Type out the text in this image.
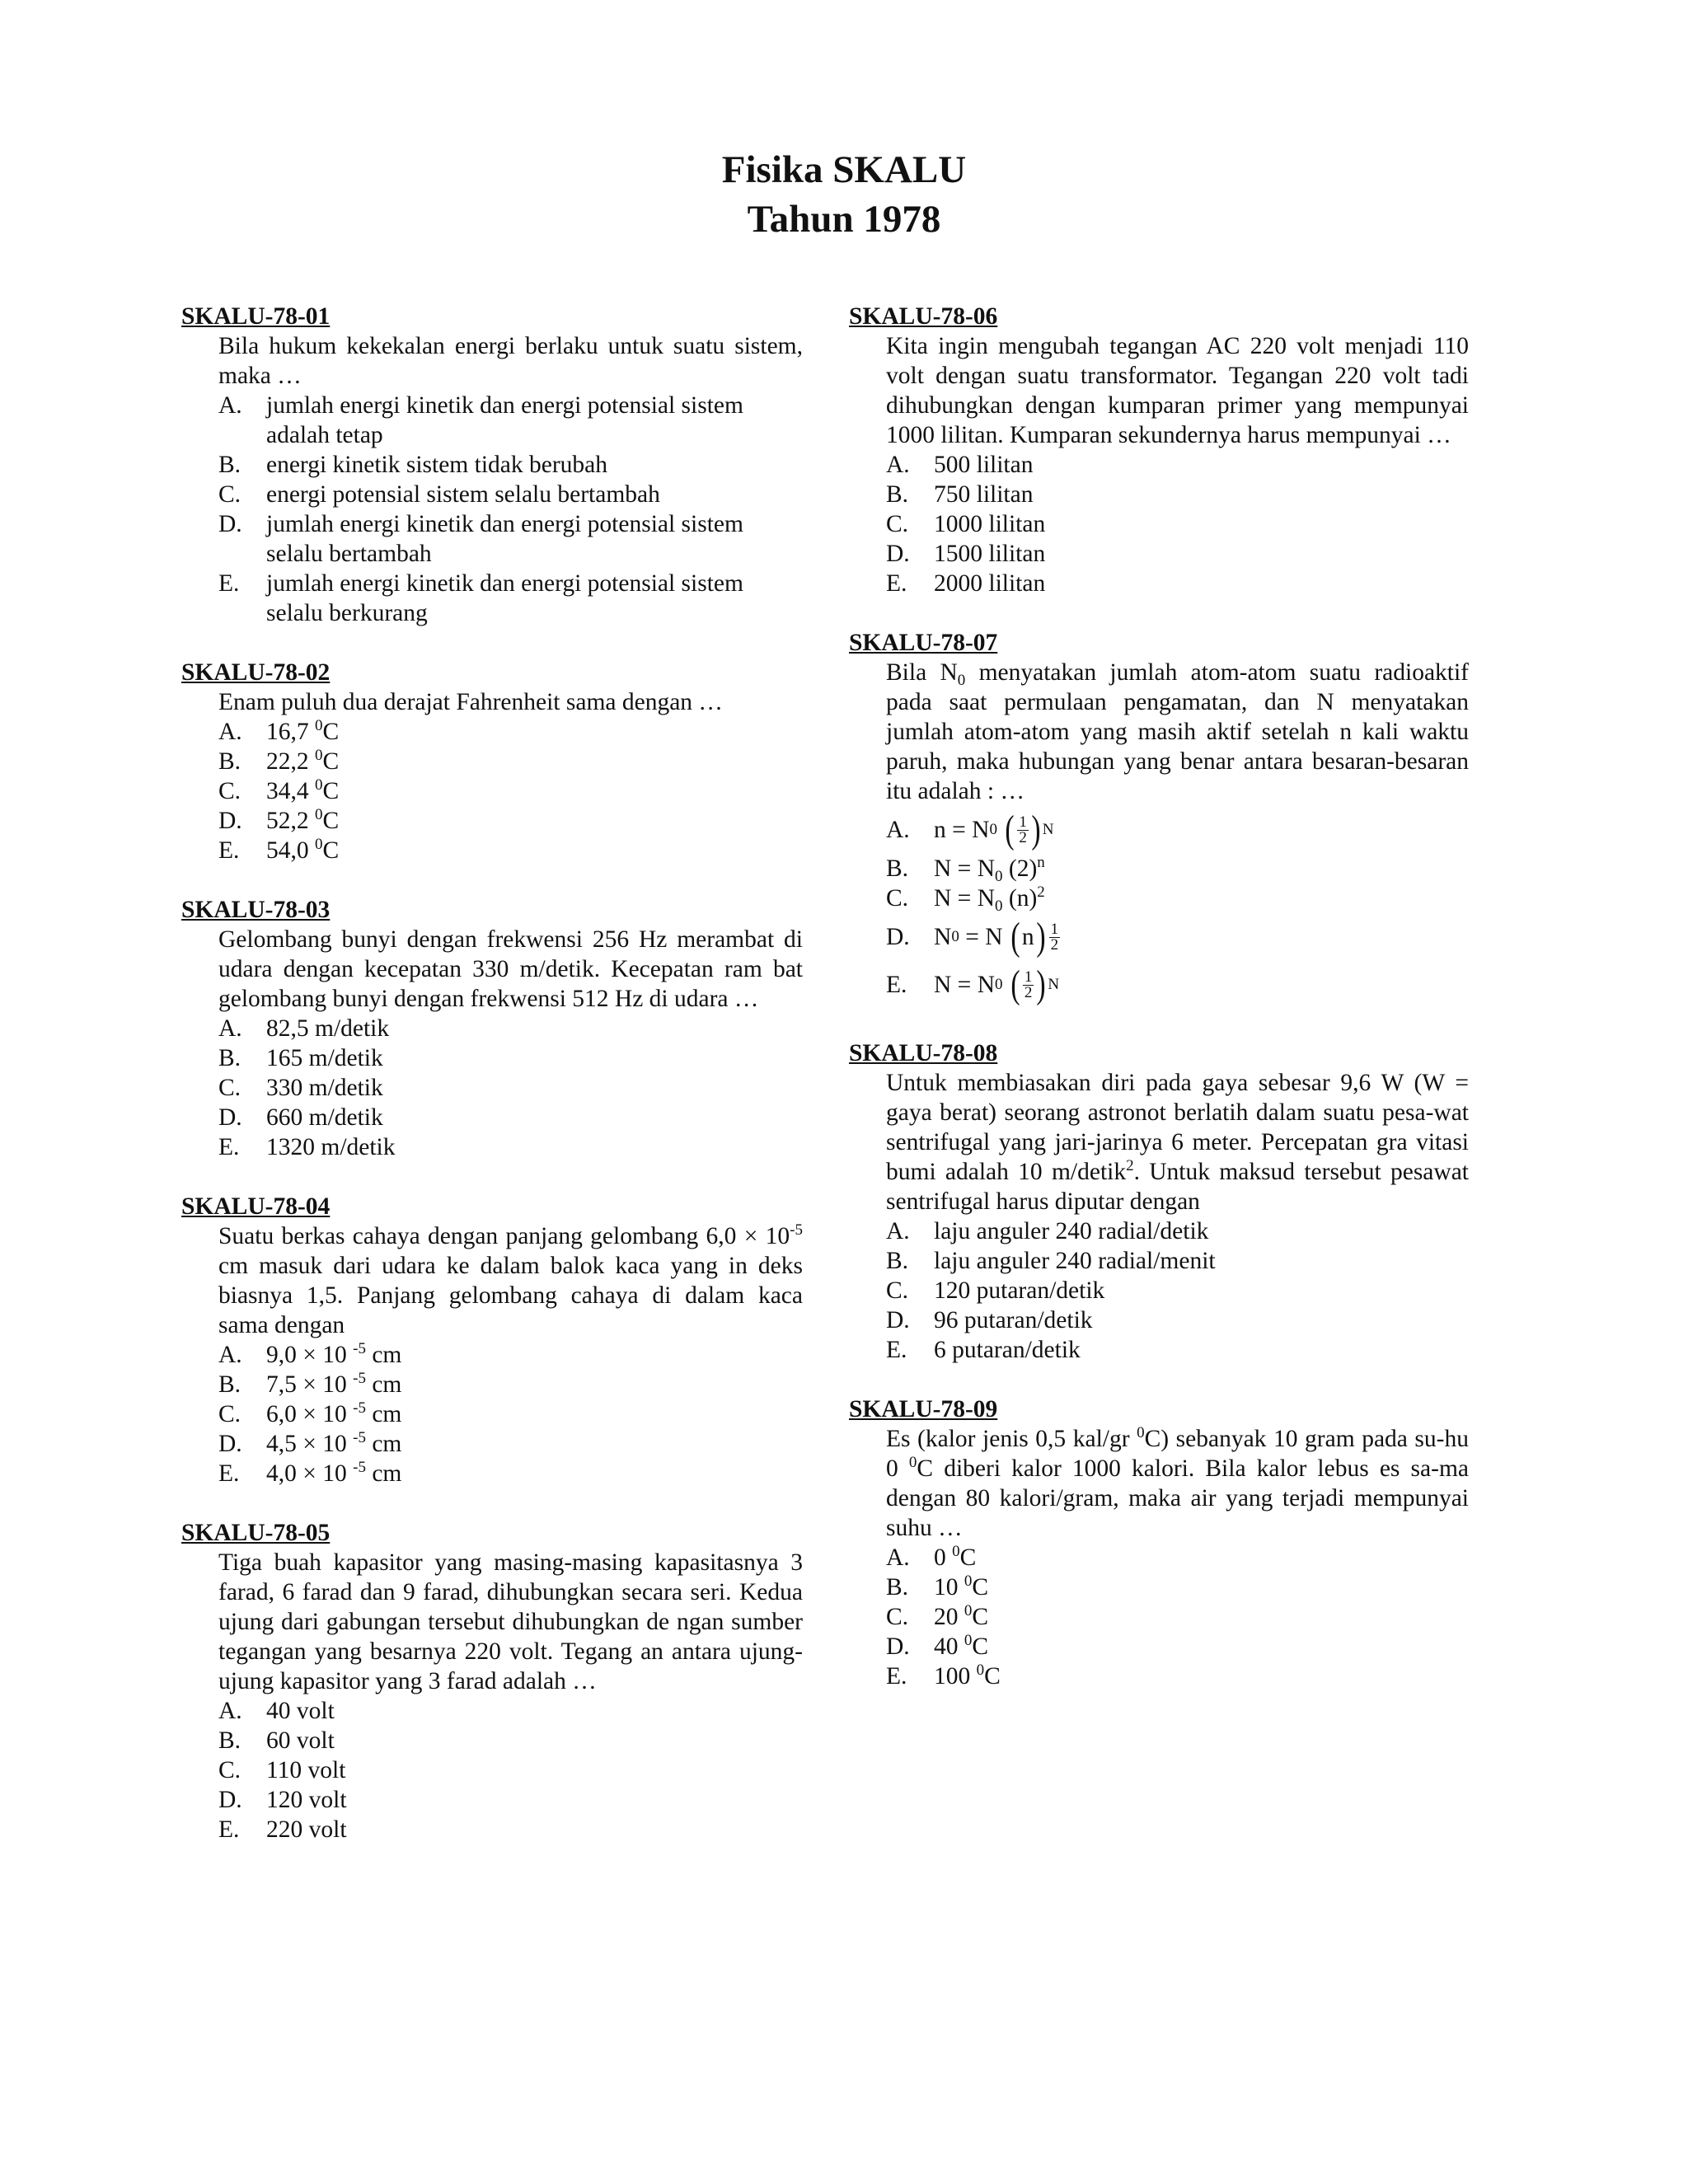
Fisika SKALU
Tahun 1978
SKALU-78-01
Bila hukum kekekalan energi berlaku untuk suatu sistem, maka …
A. jumlah energi kinetik dan energi potensial sistem adalah tetap
B.	energi kinetik sistem tidak berubah
C.	energi potensial sistem selalu bertambah
D. jumlah energi kinetik dan energi potensial sistem selalu bertambah
E.	jumlah energi kinetik dan energi potensial sistem selalu berkurang
SKALU-78-02
Enam puluh dua derajat Fahrenheit sama dengan …
A. 16,7 $^0$C
B.	22,2 $^0$C
C.	34,4 $^0$C
D. 52,2 $^0$C
E.	54,0 $^0$C
SKALU-78-03
Gelombang bunyi dengan frekwensi 256 Hz merambat di udara dengan kecepatan 330 m/detik. Kecepatan ram bat gelombang bunyi dengan frekwensi 512 Hz di udara …
A. 82,5 m/detik
B.	165 m/detik
C.	330 m/detik
D. 660 m/detik
E.	1320 m/detik
SKALU-78-04
Suatu berkas cahaya dengan panjang gelombang $6,0 \times 10^{-5}$ cm masuk dari udara ke dalam balok kaca yang in deks biasnya 1,5. Panjang gelombang cahaya di dalam kaca sama dengan
A. 9,0 × 10 $^{-5}$ cm
B.	7,5 × 10 $^{-5}$ cm
C.	6,0 × 10 $^{-5}$ cm
D. 4,5 × 10 $^{-5}$ cm
E.	4,0 × 10 $^{-5}$ cm
SKALU-78-05
Tiga buah kapasitor yang masing-masing kapasitasnya 3 farad, 6 farad dan 9 farad, dihubungkan secara seri. Kedua ujung dari gabungan tersebut dihubungkan de ngan sumber tegangan yang besarnya 220 volt. Tegang an antara ujung-ujung kapasitor yang 3 farad adalah …
A. 40 volt
B.	60 volt
C.	110 volt
D. 120 volt
E.	220 volt
SKALU-78-06
Kita ingin mengubah tegangan AC 220 volt menjadi 110 volt dengan suatu transformator. Tegangan 220 volt tadi dihubungkan dengan kumparan primer yang mempunyai 1000 lilitan. Kumparan sekundernya harus mempunyai …
A. 500 lilitan
B.	750 lilitan
C.	1000 lilitan
D. 1500 lilitan
E.	2000 lilitan
SKALU-78-07
Bila $N_0$ menyatakan jumlah atom-atom suatu radioaktif pada saat permulaan pengamatan, dan N menyatakan jumlah atom-atom yang masih aktif setelah n kali waktu paruh, maka hubungan yang benar antara besaran-besaran itu adalah : …
A. n = N 0
( $\frac{1}{2}$ ) N
B.	$N = N_0$ $(2)^n$
C.	$N = N_0$ $(n)^2$
D. N 0 = N ( n ) $\frac{1}{2}$
E.	N = N 0
( $\frac{1}{2}$ ) N
SKALU-78-08
Untuk membiasakan diri pada gaya sebesar 9,6 W (W = gaya berat) seorang astronot berlatih dalam suatu pesa-wat sentrifugal yang jari-jarinya 6 meter. Percepatan gra vitasi bumi adalah 10 m/detik$^2$. Untuk maksud tersebut pesawat sentrifugal harus diputar dengan
A. laju anguler 240 radial/detik
B.	laju anguler 240 radial/menit
C.	120 putaran/detik
D. 96 putaran/detik
E.	6 putaran/detik
SKALU-78-09
Es (kalor jenis 0,5 kal/gr $^0$C) sebanyak 10 gram pada su-hu 0 $^0$C diberi kalor 1000 kalori. Bila kalor lebus es sa-ma dengan 80 kalori/gram, maka air yang terjadi mempunyai suhu …
A. 0 $^0$C
B.	10 $^0$C
C.	20 $^0$C
D. 40 $^0$C
E.	100 $^0$C
